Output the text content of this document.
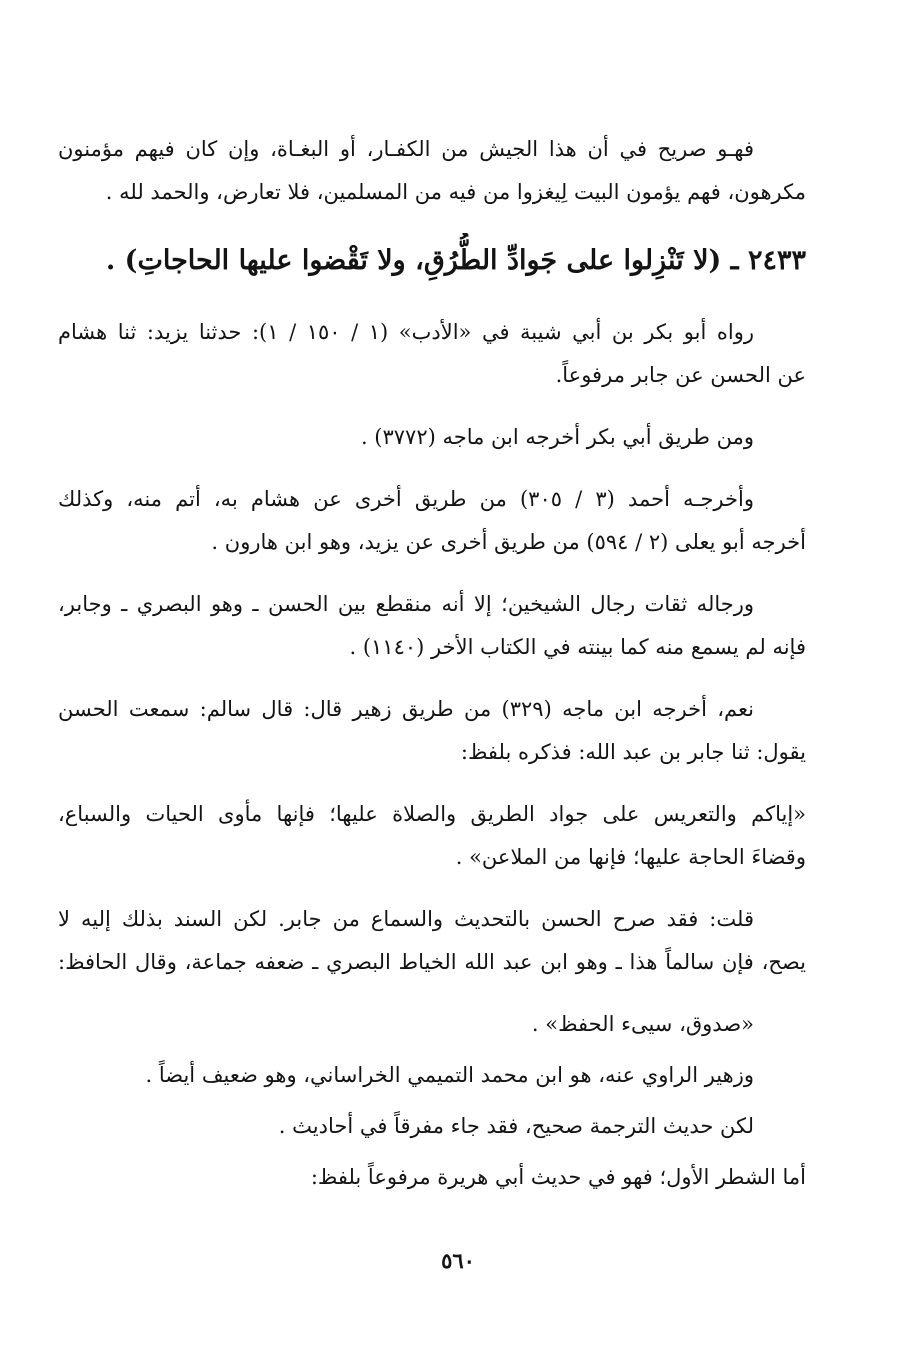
فهـو صريح في أن هذا الجيش من الكفـار، أو البغـاة، وإن كان فيهم مؤمنون
مكرهون، فهم يؤمون البيت لِيغزوا من فيه من المسلمين، فلا تعارض، والحمد لله .
٢٤٣٣ ـ (لا تَنْزِلوا على جَوادِّ الطُّرُقِ، ولا تَقْضوا عليها الحاجاتِ) .
رواه أبو بكر بن أبي شيبة في «الأدب» (١ / ١٥٠ / ١): حدثنا يزيد: ثنا هشام
عن الحسن عن جابر مرفوعاً.
ومن طريق أبي بكر أخرجه ابن ماجه (٣٧٧٢) .
وأخرجـه أحمد (٣ / ٣٠٥) من طريق أخرى عن هشام به، أتم منه، وكذلك
أخرجه أبو يعلى (٢ / ٥٩٤) من طريق أخرى عن يزيد، وهو ابن هارون .
ورجاله ثقات رجال الشيخين؛ إلا أنه منقطع بين الحسن ـ وهو البصري ـ وجابر،
فإنه لم يسمع منه كما بينته في الكتاب الأخر (١١٤٠) .
نعم، أخرجه ابن ماجه (٣٢٩) من طريق زهير قال: قال سالم: سمعت الحسن
يقول: ثنا جابر بن عبد الله: فذكره بلفظ:
«إياكم والتعريس على جواد الطريق والصلاة عليها؛ فإنها مأوى الحيات والسباع،
وقضاءَ الحاجة عليها؛ فإنها من الملاعن» .
قلت: فقد صرح الحسن بالتحديث والسماع من جابر. لكن السند بذلك إليه لا
يصح، فإن سالماً هذا ـ وهو ابن عبد الله الخياط البصري ـ ضعفه جماعة، وقال الحافظ:
«صدوق، سيىء الحفظ» .
وزهير الراوي عنه، هو ابن محمد التميمي الخراساني، وهو ضعيف أيضاً .
لكن حديث الترجمة صحيح، فقد جاء مفرقاً في أحاديث .
أما الشطر الأول؛ فهو في حديث أبي هريرة مرفوعاً بلفظ:
٥٦٠
